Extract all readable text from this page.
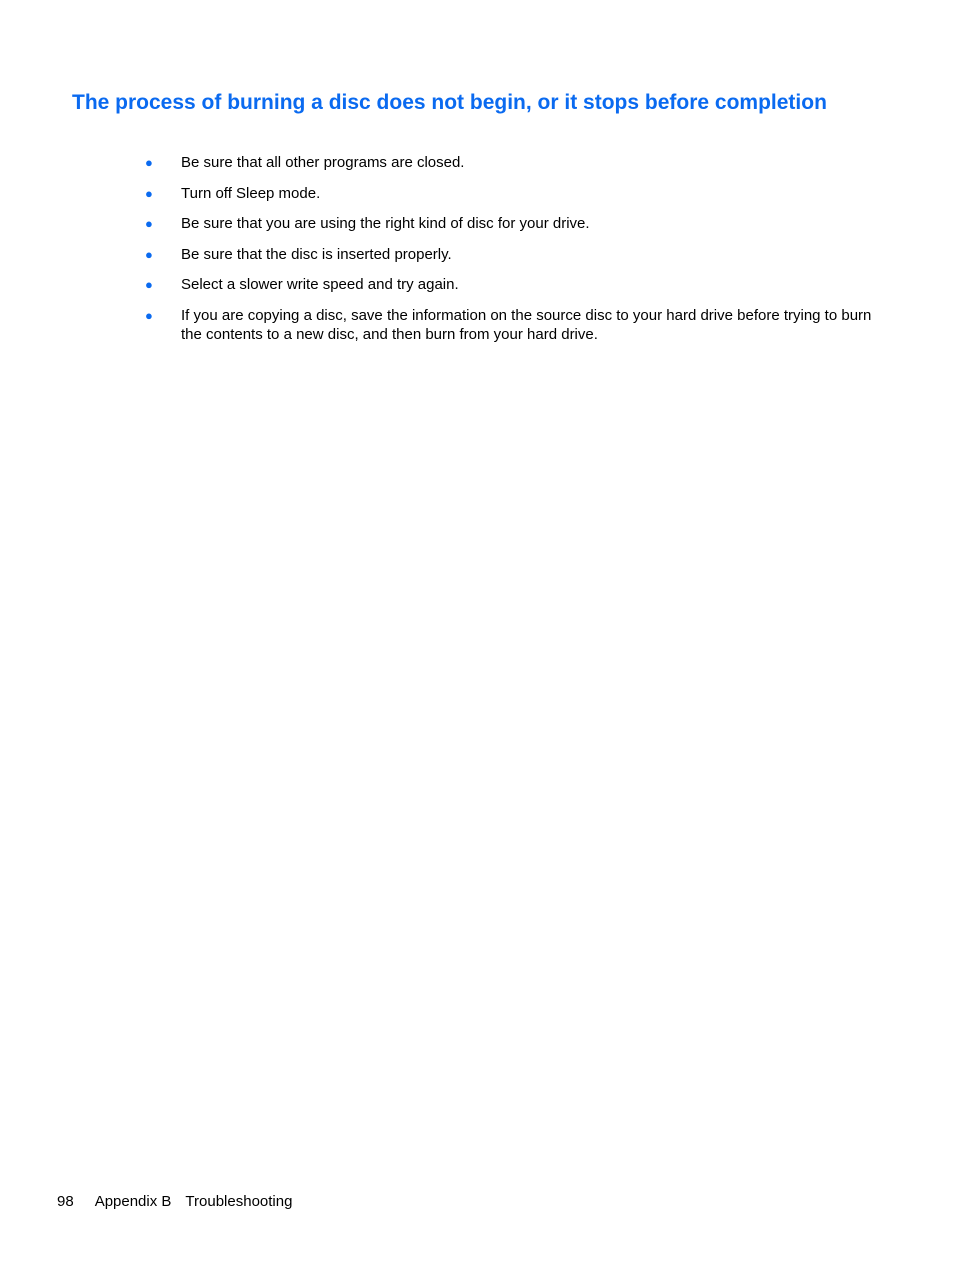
The process of burning a disc does not begin, or it stops before completion
● Be sure that all other programs are closed.
● Turn off Sleep mode.
● Be sure that you are using the right kind of disc for your drive.
● Be sure that the disc is inserted properly.
● Select a slower write speed and try again.
● If you are copying a disc, save the information on the source disc to your hard drive before trying to burn the contents to a new disc, and then burn from your hard drive.
98 Appendix B Troubleshooting
